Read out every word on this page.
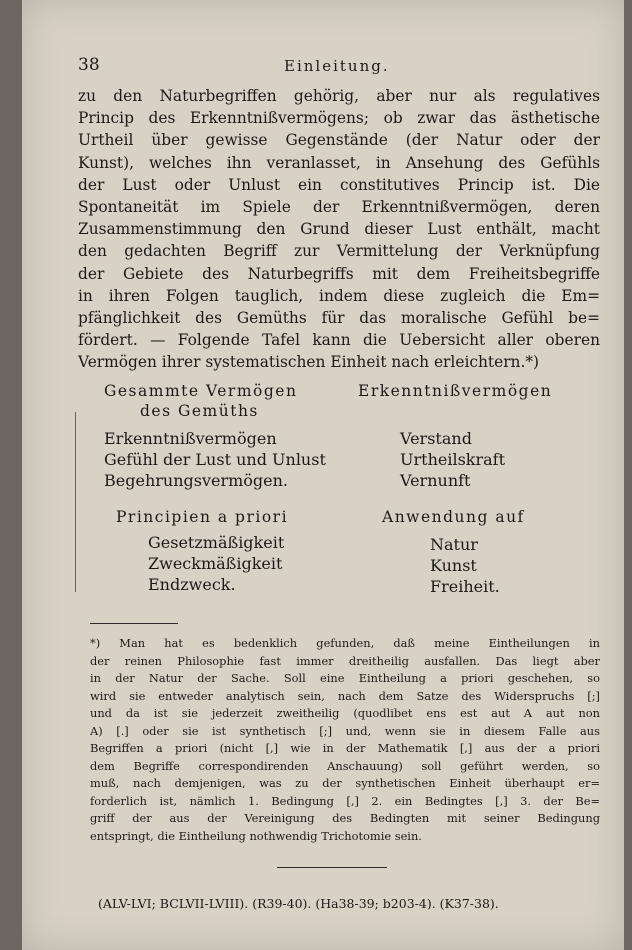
38	Einleitung.
zu den Naturbegriffen gehörig, aber nur als regulatives
Princip des Erkenntnißvermögens; ob zwar das ästhetische
Urtheil über gewisse Gegenstände (der Natur oder der
Kunst), welches ihn veranlasset, in Ansehung des Gefühls
der Lust oder Unlust ein constitutives Princip ist. Die
Spontaneität im Spiele der Erkenntnißvermögen, deren
Zusammenstimmung den Grund dieser Lust enthält, macht
den gedachten Begriff zur Vermittelung der Verknüpfung
der Gebiete des Naturbegriffs mit dem Freiheitsbegriffe
in ihren Folgen tauglich, indem diese zugleich die Em=
pfänglichkeit des Gemüths für das moralische Gefühl be=
fördert. — Folgende Tafel kann die Uebersicht aller oberen
Vermögen ihrer systematischen Einheit nach erleichtern.*)
Gesammte Vermögen
des Gemüths
Erkenntnißvermögen
Erkenntnißvermögen
Gefühl der Lust und Unlust
Begehrungsvermögen.
Verstand
Urtheilskraft
Vernunft
Principien a priori	Anwendung auf
Gesetzmäßigkeit
Zweckmäßigkeit
Endzweck.
Natur
Kunst
Freiheit.
*) Man hat es bedenklich gefunden, daß meine Eintheilungen in
der reinen Philosophie fast immer dreitheilig ausfallen. Das liegt aber
in der Natur der Sache. Soll eine Eintheilung a priori geschehen, so
wird sie entweder analytisch sein, nach dem Satze des Widerspruchs [;]
und da ist sie jederzeit zweitheilig (quodlibet ens est aut A aut non
A) [.] oder sie ist synthetisch [;] und, wenn sie in diesem Falle aus
Begriffen a priori (nicht [,] wie in der Mathematik [,] aus der a priori
dem Begriffe correspondirenden Anschauung) soll geführt werden, so
muß, nach demjenigen, was zu der synthetischen Einheit überhaupt er=
forderlich ist, nämlich 1. Bedingung [,] 2. ein Bedingtes [,] 3. der Be=
griff der aus der Vereinigung des Bedingten mit seiner Bedingung
entspringt, die Eintheilung nothwendig Trichotomie sein.
(ALV-LVI; BCLVII-LVIII). (R39-40). (Ha38-39; b203-4). (K37-38).
